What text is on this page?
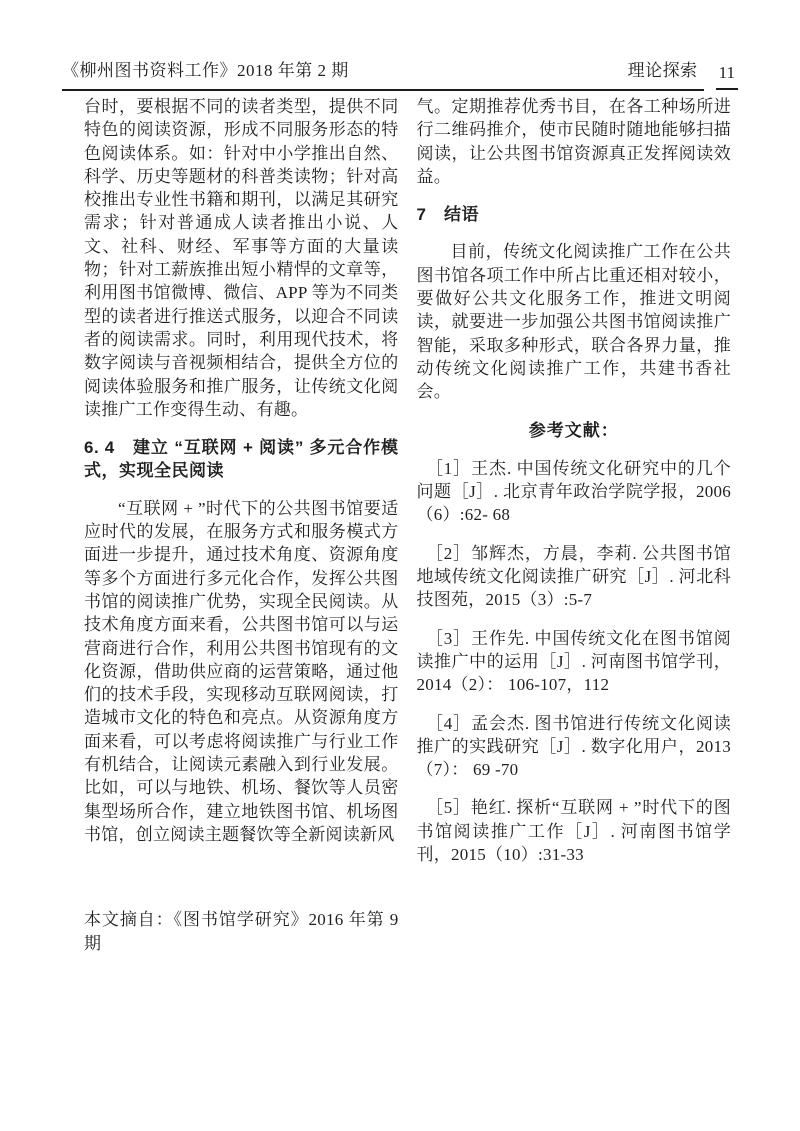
《柳州图书资料工作》2018 年第 2 期	理论探索 11

台时，要根据不同的读者类型，提供不同特色的阅读资源，形成不同服务形态的特色阅读体系。如：针对中小学推出自然、科学、历史等题材的科普类读物；针对高校推出专业性书籍和期刊，以满足其研究需求；针对普通成人读者推出小说、人文、社科、财经、军事等方面的大量读物；针对工薪族推出短小精悍的文章等，利用图书馆微博、微信、APP 等为不同类型的读者进行推送式服务，以迎合不同读者的阅读需求。同时，利用现代技术，将数字阅读与音视频相结合，提供全方位的阅读体验服务和推广服务，让传统文化阅读推广工作变得生动、有趣。

6. 4　建立 “互联网 + 阅读” 多元合作模式，实现全民阅读

“互联网 + ”时代下的公共图书馆要适应时代的发展，在服务方式和服务模式方面进一步提升，通过技术角度、资源角度等多个方面进行多元化合作，发挥公共图书馆的阅读推广优势，实现全民阅读。从技术角度方面来看，公共图书馆可以与运营商进行合作，利用公共图书馆现有的文化资源，借助供应商的运营策略，通过他们的技术手段，实现移动互联网阅读，打造城市文化的特色和亮点。从资源角度方面来看，可以考虑将阅读推广与行业工作有机结合，让阅读元素融入到行业发展。比如，可以与地铁、机场、餐饮等人员密集型场所合作，建立地铁图书馆、机场图书馆，创立阅读主题餐饮等全新阅读新风

本文摘自：《图书馆学研究》2016 年第 9 期

气。定期推荐优秀书目，在各工种场所进行二维码推介，使市民随时随地能够扫描阅读，让公共图书馆资源真正发挥阅读效益。

7　结语

目前，传统文化阅读推广工作在公共图书馆各项工作中所占比重还相对较小，要做好公共文化服务工作，推进文明阅读，就要进一步加强公共图书馆阅读推广智能，采取多种形式，联合各界力量，推动传统文化阅读推广工作，共建书香社会。

参考文献：

［1］王杰. 中国传统文化研究中的几个问题［J］. 北京青年政治学院学报，2006（6）:62- 68

［2］邹辉杰，方晨，李莉. 公共图书馆地域传统文化阅读推广研究［J］. 河北科技图苑，2015（3）:5-7

［3］王作先. 中国传统文化在图书馆阅读推广中的运用［J］. 河南图书馆学刊，2014（2）： 106-107，112

［4］孟会杰. 图书馆进行传统文化阅读推广的实践研究［J］. 数字化用户，2013（7）： 69 -70

［5］艳红. 探析“互联网 + ”时代下的图书馆阅读推广工作［J］. 河南图书馆学刊，2015（10）:31-33
